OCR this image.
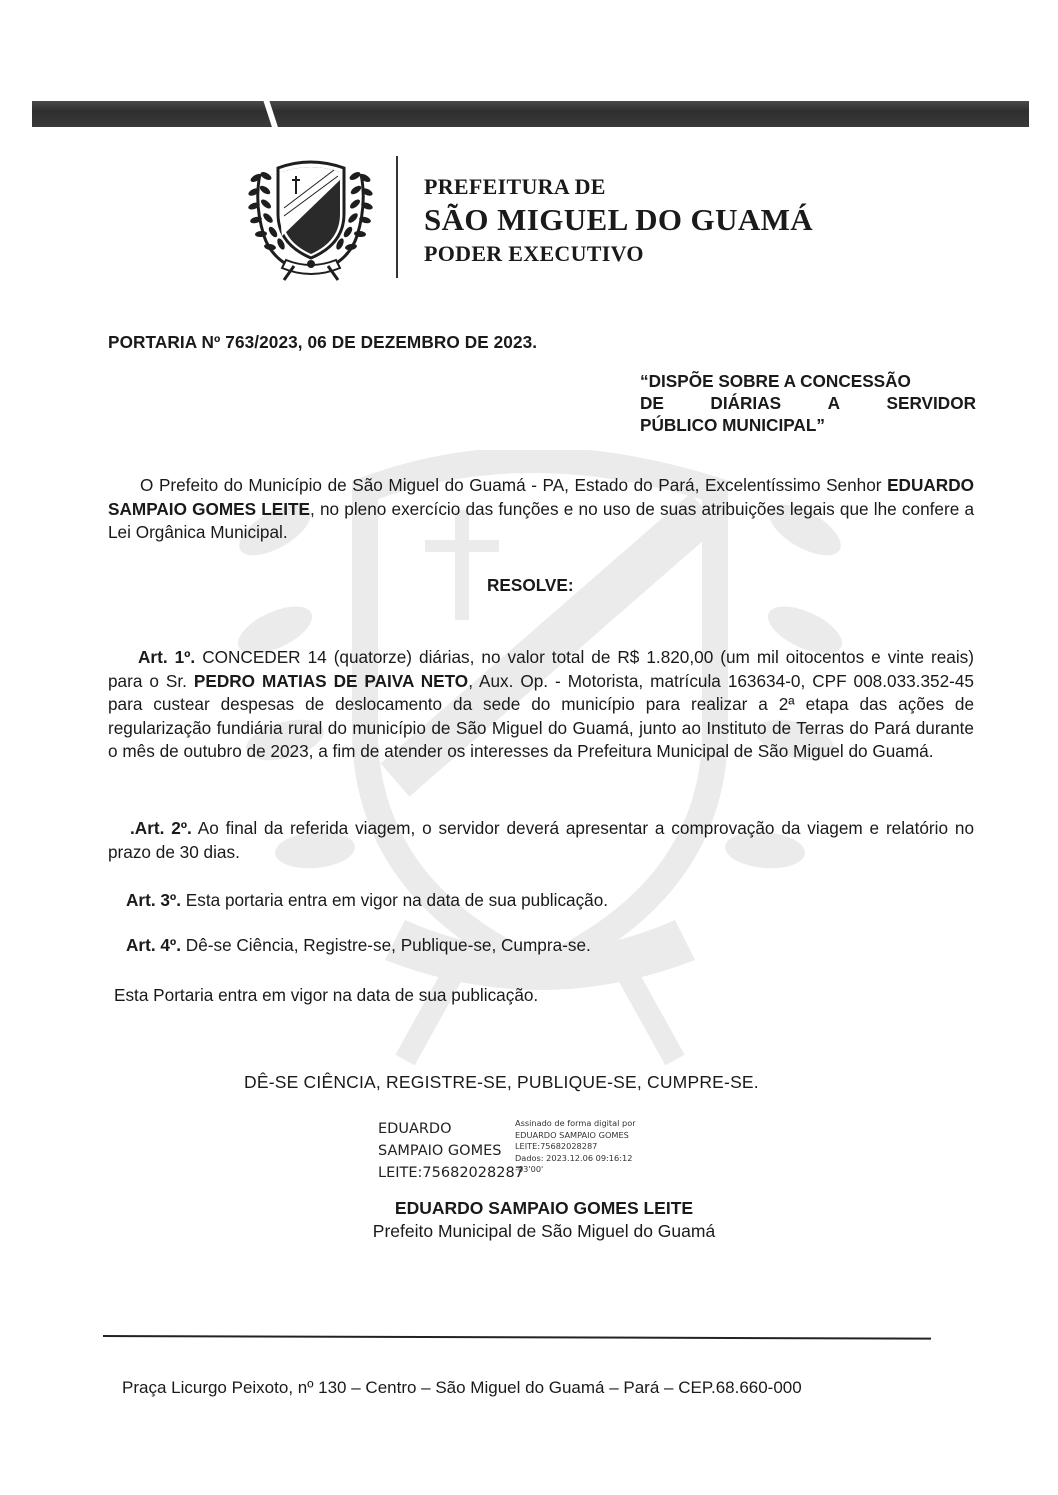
PREFEITURA DE
SÃO MIGUEL DO GUAMÁ
PODER EXECUTIVO
PORTARIA Nº 763/2023, 06 DE DEZEMBRO DE 2023.
“DISPÕE SOBRE A CONCESSÃO
DE	DIÁRIAS	A	SERVIDOR
PÚBLICO MUNICIPAL”
O Prefeito do Município de São Miguel do Guamá - PA, Estado do Pará, Excelentíssimo Senhor EDUARDO SAMPAIO GOMES LEITE, no pleno exercício das funções e no uso de suas atribuições legais que lhe confere a Lei Orgânica Municipal.
RESOLVE:
Art. 1º. CONCEDER 14 (quatorze) diárias, no valor total de R$ 1.820,00 (um mil oitocentos e vinte reais) para o Sr. PEDRO MATIAS DE PAIVA NETO, Aux. Op. - Motorista, matrícula 163634-0, CPF 008.033.352-45 para custear despesas de deslocamento da sede do município para realizar a 2ª etapa das ações de regularização fundiária rural do município de São Miguel do Guamá, junto ao Instituto de Terras do Pará durante o mês de outubro de 2023, a fim de atender os interesses da Prefeitura Municipal de São Miguel do Guamá.
.Art. 2º. Ao final da referida viagem, o servidor deverá apresentar a comprovação da viagem e relatório no prazo de 30 dias.
Art. 3º. Esta portaria entra em vigor na data de sua publicação.
Art. 4º. Dê-se Ciência, Registre-se, Publique-se, Cumpra-se.
Esta Portaria entra em vigor na data de sua publicação.
DÊ-SE CIÊNCIA, REGISTRE-SE, PUBLIQUE-SE, CUMPRE-SE.
EDUARDO
SAMPAIO GOMES
LEITE:75682028287
Assinado de forma digital por
EDUARDO SAMPAIO GOMES
LEITE:75682028287
Dados: 2023.12.06 09:16:12
-03'00'
EDUARDO SAMPAIO GOMES LEITE
Prefeito Municipal de São Miguel do Guamá
Praça Licurgo Peixoto, nº 130 – Centro – São Miguel do Guamá – Pará – CEP.68.660-000
